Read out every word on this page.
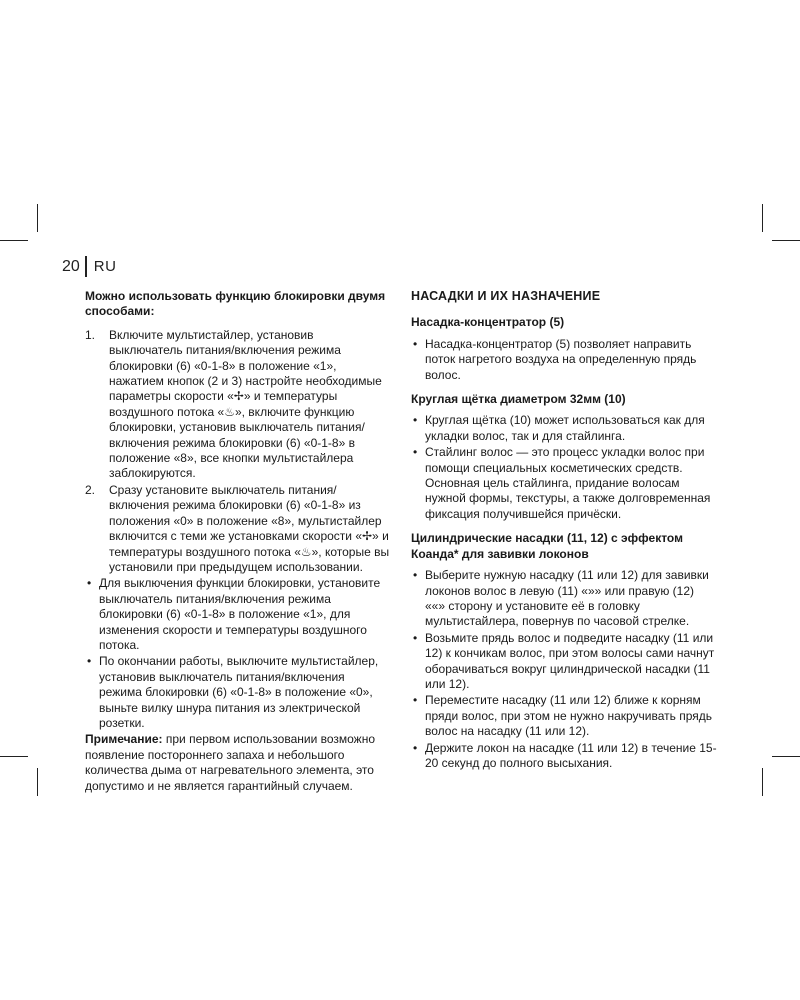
20 RU

Можно использовать функцию блокировки двумя способами:

1. Включите мультистайлер, установив выключатель питания/включения режима блокировки (6) «0-1-8» в положение «1», нажатием кнопок (2 и 3) настройте необходимые параметры скорости «✢» и температуры воздушного потока «♨», включите функцию блокировки, установив выключатель питания/включения режима блокировки (6) «0-1-8» в положение «8», все кнопки мультистайлера заблокируются.
2. Сразу установите выключатель питания/включения режима блокировки (6) «0-1-8» из положения «0» в положение «8», мультистайлер включится с теми же установками скорости «✢» и температуры воздушного потока «♨», которые вы установили при предыдущем использовании.
• Для выключения функции блокировки, установите выключатель питания/включения режима блокировки (6) «0-1-8» в положение «1», для изменения скорости и температуры воздушного потока.
• По окончании работы, выключите мультистайлер, установив выключатель питания/включения режима блокировки (6) «0-1-8» в положение «0», выньте вилку шнура питания из электрической розетки.

Примечание: при первом использовании возможно появление постороннего запаха и небольшого количества дыма от нагревательного элемента, это допустимо и не является гарантийный случаем.

НАСАДКИ И ИХ НАЗНАЧЕНИЕ

Насадка-концентратор (5)

• Насадка-концентратор (5) позволяет направить поток нагретого воздуха на определенную прядь волос.

Круглая щётка диаметром 32мм (10)

• Круглая щётка (10) может использоваться как для укладки волос, так и для стайлинга.
• Стайлинг волос — это процесс укладки волос при помощи специальных косметических средств. Основная цель стайлинга, придание волосам нужной формы, текстуры, а также долговременная фиксация получившейся причёски.

Цилиндрические насадки (11, 12) с эффектом Коанда* для завивки локонов

• Выберите нужную насадку (11 или 12) для завивки локонов волос в левую (11) «»» или правую (12) ««» сторону и установите её в головку мультистайлера, повернув по часовой стрелке.
• Возьмите прядь волос и подведите насадку (11 или 12) к кончикам волос, при этом волосы сами начнут оборачиваться вокруг цилиндрической насадки (11 или 12).
• Переместите насадку (11 или 12) ближе к корням пряди волос, при этом не нужно накручивать прядь волос на насадку (11 или 12).
• Держите локон на насадке (11 или 12) в течение 15- 20 секунд до полного высыхания.
